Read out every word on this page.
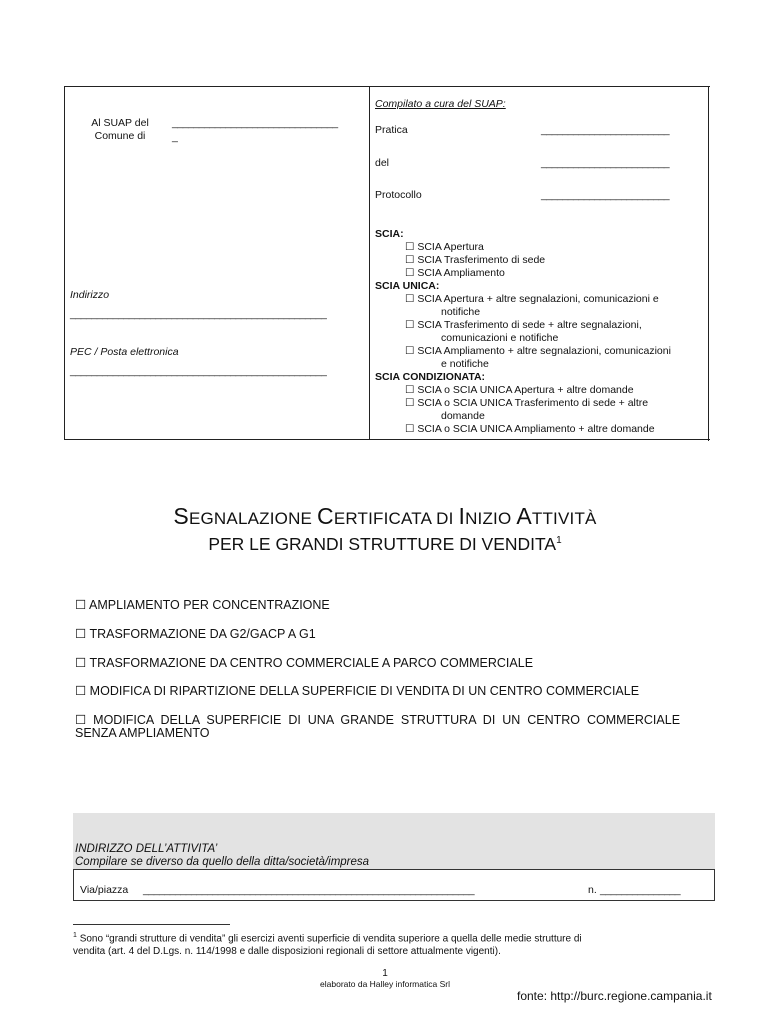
Al SUAP del
Comune di
_______________________________
_
Indirizzo
________________________________________________
PEC / Posta elettronica
________________________________________________
Compilato a cura del SUAP:
Pratica	________________________
del	________________________
Protocollo	________________________
SCIA:
☐ SCIA Apertura
☐ SCIA Trasferimento di sede
☐ SCIA Ampliamento
SCIA UNICA:
☐ SCIA Apertura + altre segnalazioni, comunicazioni e
notifiche
☐ SCIA Trasferimento di sede + altre segnalazioni,
comunicazioni e notifiche
☐ SCIA Ampliamento + altre segnalazioni, comunicazioni
e notifiche
SCIA CONDIZIONATA:
☐ SCIA o SCIA UNICA Apertura + altre domande
☐ SCIA o SCIA UNICA Trasferimento di sede + altre
domande
☐ SCIA o SCIA UNICA Ampliamento + altre domande
SEGNALAZIONE CERTIFICATA DI INIZIO ATTIVITÀ
PER LE GRANDI STRUTTURE DI VENDITA$^1$
☐ AMPLIAMENTO PER CONCENTRAZIONE
☐ TRASFORMAZIONE DA G2/GACP A G1
☐ TRASFORMAZIONE DA CENTRO COMMERCIALE A PARCO COMMERCIALE
☐ MODIFICA DI RIPARTIZIONE DELLA SUPERFICIE DI VENDITA DI UN CENTRO COMMERCIALE
☐  MODIFICA  DELLA  SUPERFICIE  DI  UNA  GRANDE  STRUTTURA  DI  UN  CENTRO  COMMERCIALE
SENZA AMPLIAMENTO
INDIRIZZO DELL’ATTIVITA’
Compilare se diverso da quello della ditta/società/impresa
Via/piazza ______________________________________________________________	n. _______________
$^1$ Sono “grandi strutture di vendita” gli esercizi aventi superficie di vendita superiore a quella delle medie strutture di
vendita (art. 4 del D.Lgs. n. 114/1998 e dalle disposizioni regionali di settore attualmente vigenti).
1
elaborato da Halley informatica Srl
fonte: http://burc.regione.campania.it
